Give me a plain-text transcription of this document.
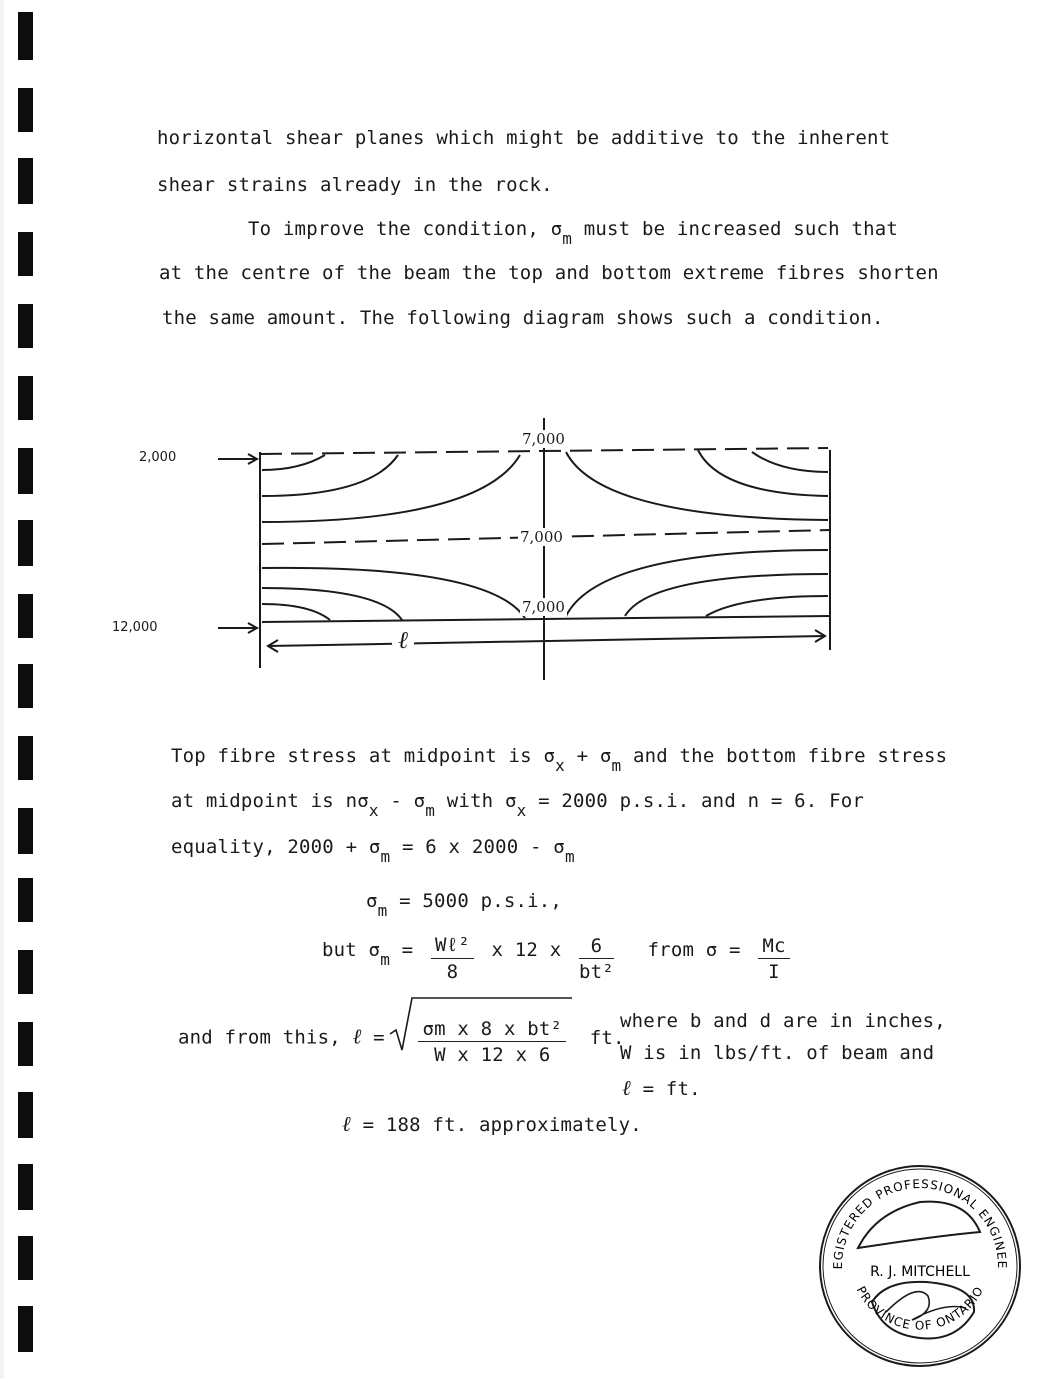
horizontal shear planes which might be additive to the inherent
shear strains already in the rock.
To improve the condition, $\sigma_m$ must be increased such that
at the centre of the beam the top and bottom extreme fibres shorten
the same amount. The following diagram shows such a condition.
2,000
12,000
7,000
7,000
7,000
ℓ
Top fibre stress at midpoint is $\sigma_x + \sigma_m$ and the bottom fibre stress
at midpoint is $n\sigma_x - \sigma_m$ with $\sigma_x = 2000$ p.s.i. and n = 6. For
equality, $2000 + \sigma_m = 6$ x $2000 - \sigma_m$
$\sigma_m = 5000$ p.s.i.,
but $\sigma_m = \frac{\text{Wℓ²}}{8}$ x 12 x $\frac{6}{\text{bt²}}$ from $\sigma = \frac{Mc}{I}$
and from this, ℓ = $\frac{\text{σm x 8 x bt²}}{\text{W x 12 x 6}}$ ft.
where b and d are in inches,
W is in lbs/ft. of beam and
ℓ = ft.
ℓ = 188 ft. approximately.
EGISTERED PROFESSIONAL ENGINEE
PROVINCE OF ONTARIO
R. J. MITCHELL
